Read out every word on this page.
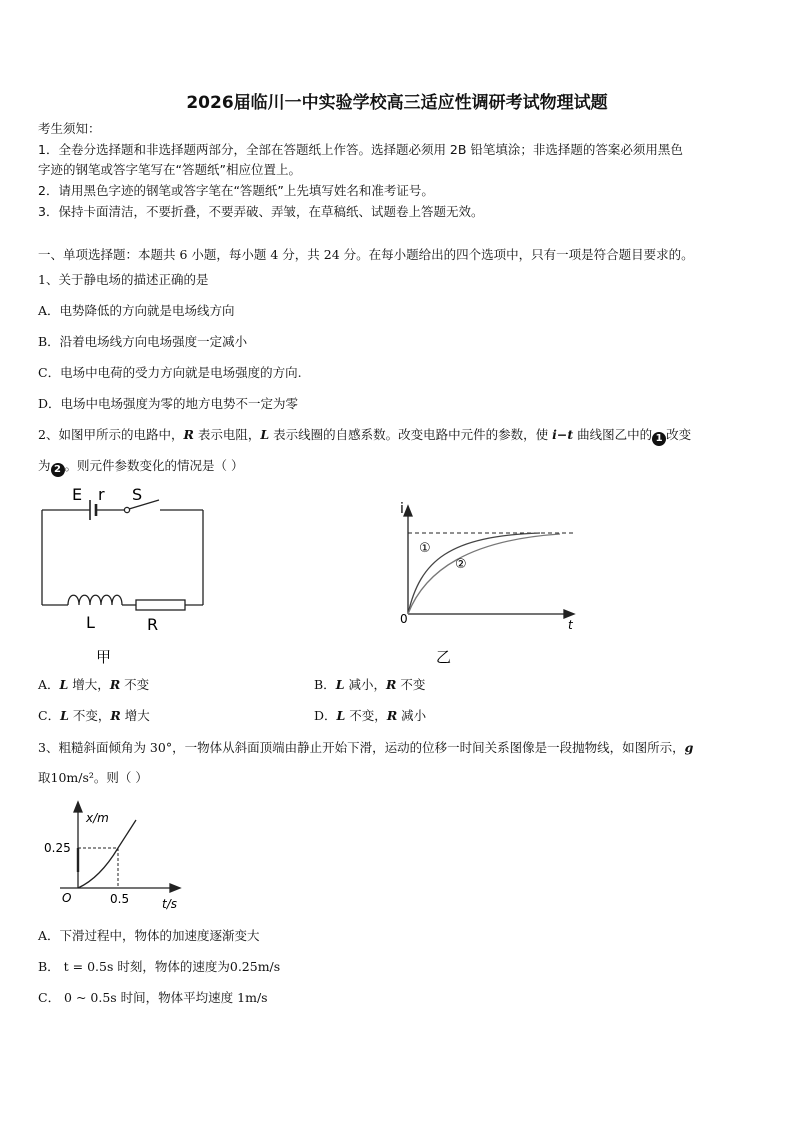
2026届临川一中实验学校高三适应性调研考试物理试题
考生须知：
1．全卷分选择题和非选择题两部分，全部在答题纸上作答。选择题必须用 2B 铅笔填涂；非选择题的答案必须用黑色
字迹的钢笔或答字笔写在“答题纸”相应位置上。
2．请用黑色字迹的钢笔或答字笔在“答题纸”上先填写姓名和准考证号。
3．保持卡面清洁，不要折叠，不要弄破、弄皱，在草稿纸、试题卷上答题无效。
一、单项选择题：本题共 6 小题，每小题 4 分，共 24 分。在每小题给出的四个选项中，只有一项是符合题目要求的。
1、关于静电场的描述正确的是
A．电势降低的方向就是电场线方向
B．沿着电场线方向电场强度一定减小
C．电场中电荷的受力方向就是电场强度的方向.
D．电场中电场强度为零的地方电势不一定为零
2、如图甲所示的电路中，R 表示电阻，L 表示线圈的自感系数。改变电路中元件的参数，使 i−t 曲线图乙中的 1 改变
为 2 。则元件参数变化的情况是（ ）
E r S
L	R
甲
i
t
0
①
②
乙
x/m
t/s
O
0.25
0.5
A．L 增大，R 不变	B．L 减小，R 不变
C．L 不变，R 增大	D．L 不变，R 减小
3、粗糙斜面倾角为 30°，一物体从斜面顶端由静止开始下滑，运动的位移一时间关系图像是一段抛物线，如图所示，g
取10m/s²。则（ ）
A．下滑过程中，物体的加速度逐渐变大
B． t = 0.5s 时刻，物体的速度为0.25m/s
C． 0 ~ 0.5s 时间，物体平均速度 1m/s
